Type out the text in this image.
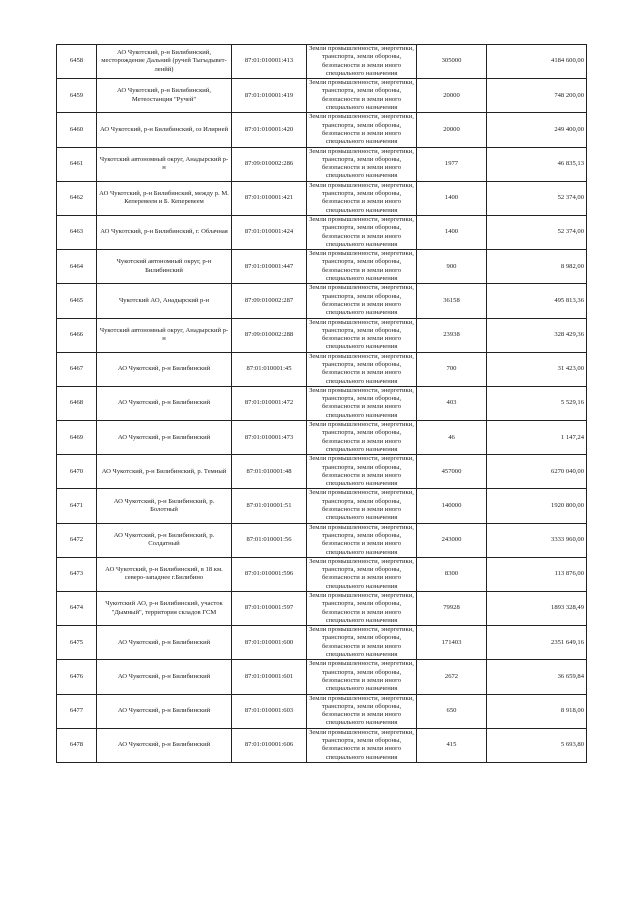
6458	АО Чукотский, р-н Билибинский, месторождение Дальний (ручей Тыгыдывет-ленйй)	87:01:010001:413	Земли промышленности, энергетики, транспорта, земли обороны, безопасности и земли иного специального назначения	305000	4184 600,00
6459	АО Чукотский, р-н Билибинский, Метеостанция "Ручей"	87:01:010001:419	Земли промышленности, энергетики, транспорта, земли обороны, безопасности и земли иного специального назначения	20000	748 200,00
6460	АО Чукотский, р-н Билибинский, оз Илирней	87:01:010001:420	Земли промышленности, энергетики, транспорта, земли обороны, безопасности и земли иного специального назначения	20000	249 400,00
6461	Чукотский автономный округ, Анадырский р-н	87:09:010002:286	Земли промышленности, энергетики, транспорта, земли обороны, безопасности и земли иного специального назначения	1977	46 835,13
6462	АО Чукотский, р-н Билибинский, между р. М. Кеперевеем и Б. Кеперевеем	87:01:010001:421	Земли промышленности, энергетики, транспорта, земли обороны, безопасности и земли иного специального назначения	1400	52 374,00
6463	АО Чукотский, р-н Билибинский, г. Облачная	87:01:010001:424	Земли промышленности, энергетики, транспорта, земли обороны, безопасности и земли иного специального назначения	1400	52 374,00
6464	Чукотский автономный округ, р-н Билибинский	87:01:010001:447	Земли промышленности, энергетики, транспорта, земли обороны, безопасности и земли иного специального назначения	900	8 982,00
6465	Чукотский АО, Анадырский р-н	87:09:010002:287	Земли промышленности, энергетики, транспорта, земли обороны, безопасности и земли иного специального назначения	36158	495 813,36
6466	Чукотский автономный округ, Анадырский р-н	87:09:010002:288	Земли промышленности, энергетики, транспорта, земли обороны, безопасности и земли иного специального назначения	23938	328 429,36
6467	АО Чукотский, р-н Билибинский	87:01:010001:45	Земли промышленности, энергетики, транспорта, земли обороны, безопасности и земли иного специального назначения	700	31 423,00
6468	АО Чукотский, р-н Билибинский	87:01:010001:472	Земли промышленности, энергетики, транспорта, земли обороны, безопасности и земли иного специального назначения	403	5 529,16
6469	АО Чукотский, р-н Билибинский	87:01:010001:473	Земли промышленности, энергетики, транспорта, земли обороны, безопасности и земли иного специального назначения	46	1 147,24
6470	АО Чукотский, р-н Билибинский, р. Темный	87:01:010001:48	Земли промышленности, энергетики, транспорта, земли обороны, безопасности и земли иного специального назначения	457000	6270 040,00
6471	АО Чукотский, р-н Билибинский, р. Болотный	87:01:010001:51	Земли промышленности, энергетики, транспорта, земли обороны, безопасности и земли иного специального назначения	140000	1920 800,00
6472	АО Чукотский, р-н Билибинский, р. Солдатный	87:01:010001:56	Земли промышленности, энергетики, транспорта, земли обороны, безопасности и земли иного специального назначения	243000	3333 960,00
6473	АО Чукотский, р-н Билибинский, в 18 км. северо-западнее г.Билибино	87:01:010001:596	Земли промышленности, энергетики, транспорта, земли обороны, безопасности и земли иного специального назначения	8300	113 876,00
6474	Чукотский АО, р-н Билибинский, участок "Дымный", территория складов ГСМ	87:01:010001:597	Земли промышленности, энергетики, транспорта, земли обороны, безопасности и земли иного специального назначения	79928	1893 328,49
6475	АО Чукотский, р-н Билибинский	87:01:010001:600	Земли промышленности, энергетики, транспорта, земли обороны, безопасности и земли иного специального назначения	171403	2351 649,16
6476	АО Чукотский, р-н Билибинский	87:01:010001:601	Земли промышленности, энергетики, транспорта, земли обороны, безопасности и земли иного специального назначения	2672	36 659,84
6477	АО Чукотский, р-н Билибинский	87:01:010001:603	Земли промышленности, энергетики, транспорта, земли обороны, безопасности и земли иного специального назначения	650	8 918,00
6478	АО Чукотский, р-н Билибинский	87:01:010001:606	Земли промышленности, энергетики, транспорта, земли обороны, безопасности и земли иного специального назначения	415	5 693,80
